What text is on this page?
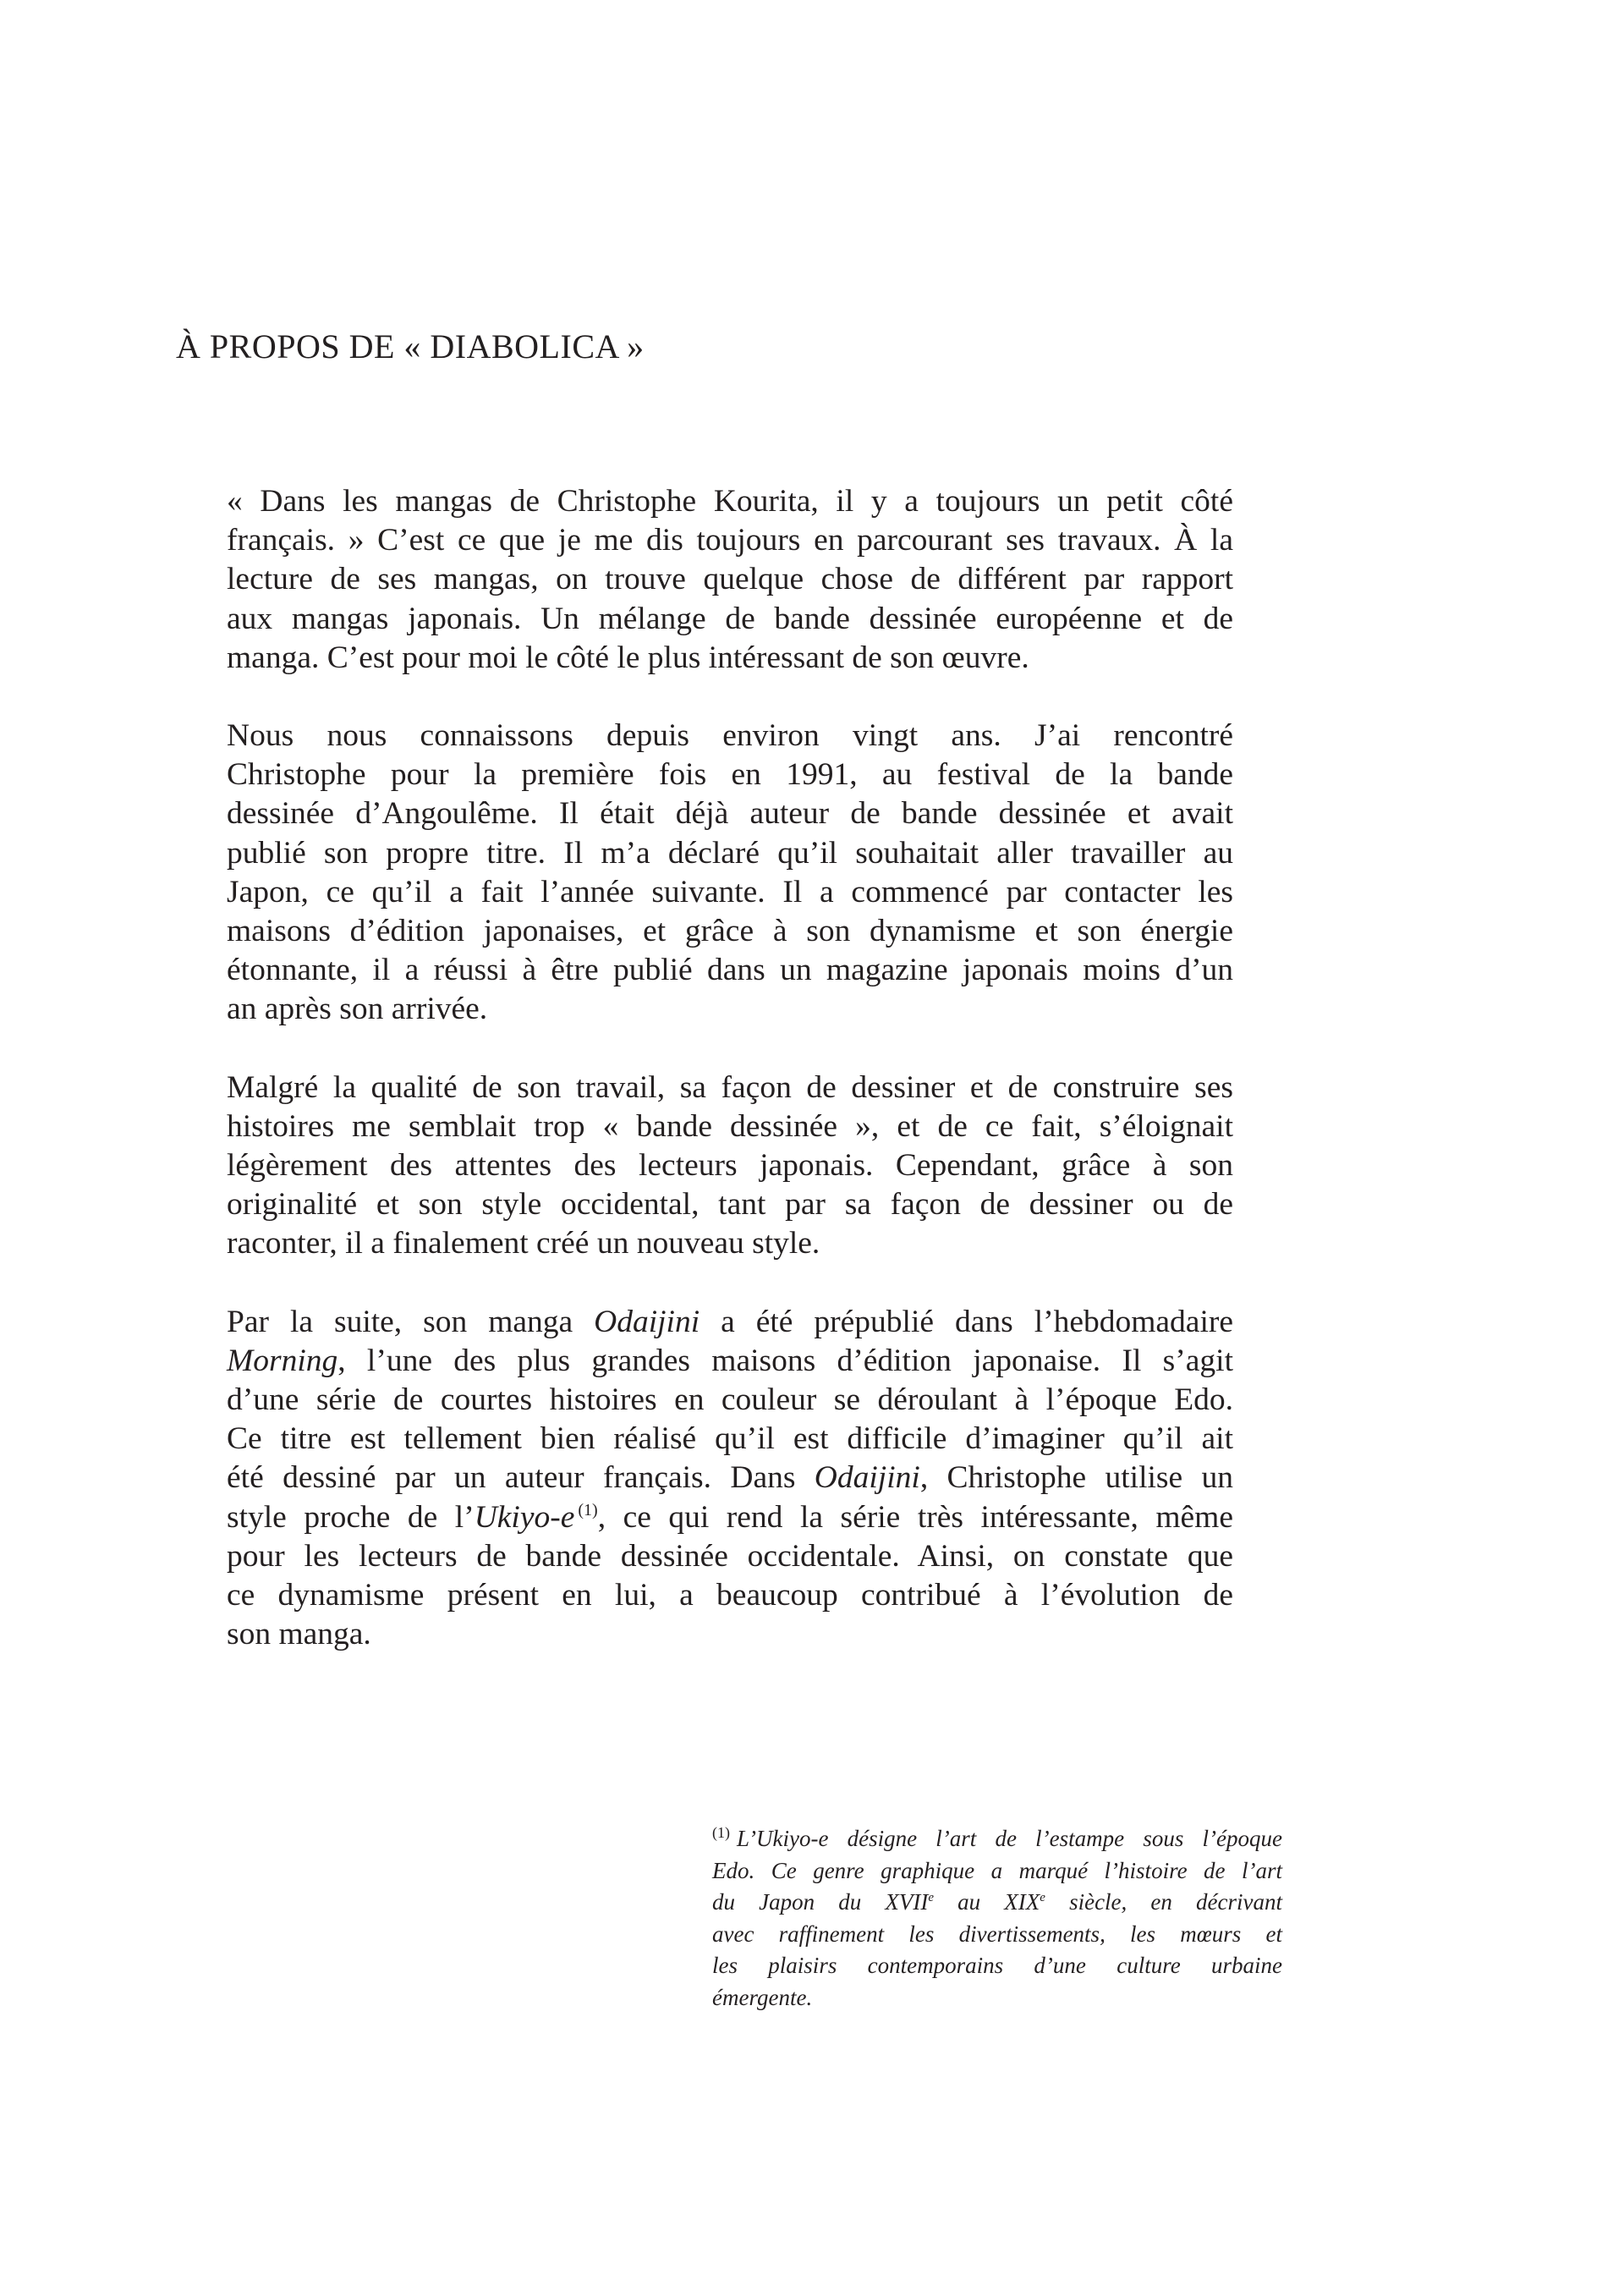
À PROPOS DE « DIABOLICA »

« Dans les mangas de Christophe Kourita, il y a toujours un petit côté
français. » C’est ce que je me dis toujours en parcourant ses travaux. À la
lecture de ses mangas, on trouve quelque chose de différent par rapport
aux mangas japonais. Un mélange de bande dessinée européenne et de
manga. C’est pour moi le côté le plus intéressant de son œuvre.

Nous nous connaissons depuis environ vingt ans. J’ai rencontré
Christophe pour la première fois en 1991, au festival de la bande
dessinée d’Angoulême. Il était déjà auteur de bande dessinée et avait
publié son propre titre. Il m’a déclaré qu’il souhaitait aller travailler au
Japon, ce qu’il a fait l’année suivante. Il a commencé par contacter les
maisons d’édition japonaises, et grâce à son dynamisme et son énergie
étonnante, il a réussi à être publié dans un magazine japonais moins d’un
an après son arrivée.

Malgré la qualité de son travail, sa façon de dessiner et de construire ses
histoires me semblait trop « bande dessinée », et de ce fait, s’éloignait
légèrement des attentes des lecteurs japonais. Cependant, grâce à son
originalité et son style occidental, tant par sa façon de dessiner ou de
raconter, il a finalement créé un nouveau style.

Par la suite, son manga Odaijini a été prépublié dans l’hebdomadaire
Morning, l’une des plus grandes maisons d’édition japonaise. Il s’agit
d’une série de courtes histoires en couleur se déroulant à l’époque Edo.
Ce titre est tellement bien réalisé qu’il est difficile d’imaginer qu’il ait
été dessiné par un auteur français. Dans Odaijini, Christophe utilise un
style proche de l’Ukiyo-e $^{(1)}$, ce qui rend la série très intéressante, même
pour les lecteurs de bande dessinée occidentale. Ainsi, on constate que
ce dynamisme présent en lui, a beaucoup contribué à l’évolution de
son manga.

$^{(1)}$ L’Ukiyo-e désigne l’art de l’estampe sous l’époque
Edo. Ce genre graphique a marqué l’histoire de l’art
du Japon du XVIIe au XIXe siècle, en décrivant
avec raffinement les divertissements, les mœurs et
les plaisirs contemporains d’une culture urbaine
émergente.
